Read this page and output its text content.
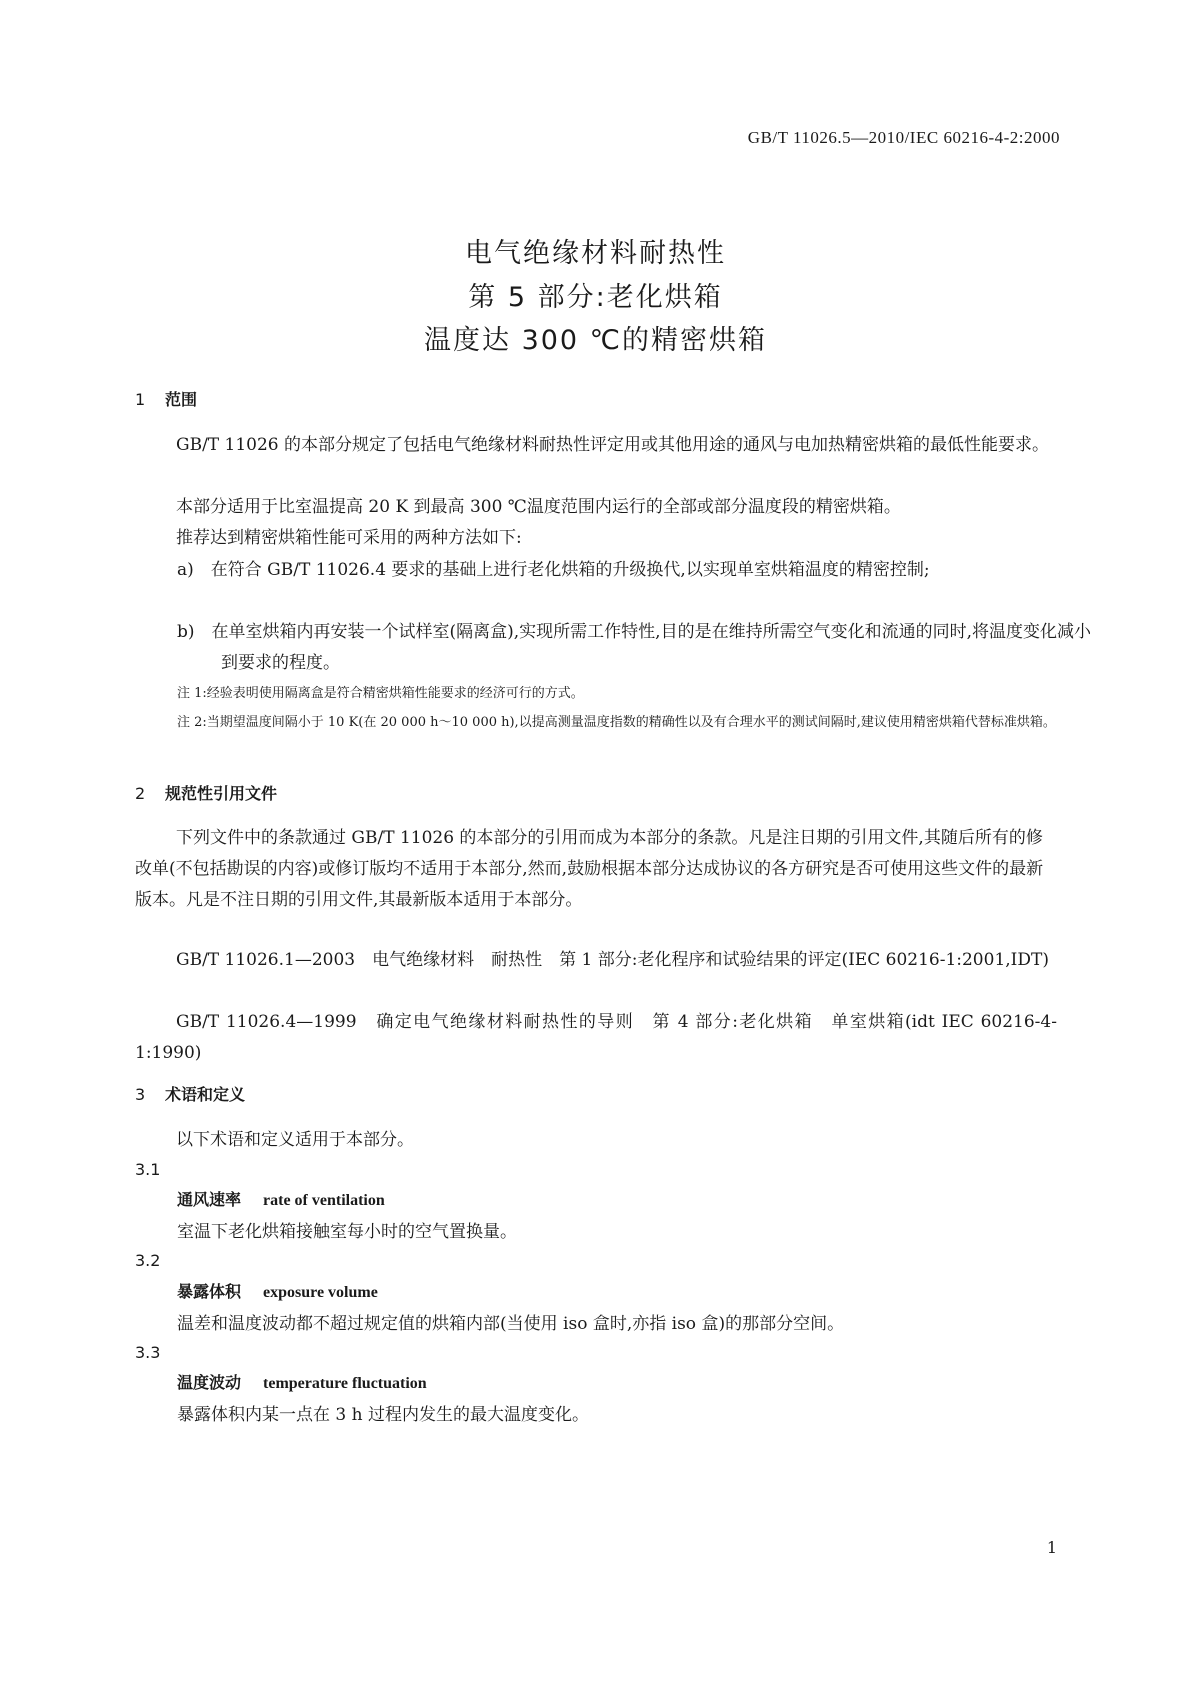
GB/T 11026.5—2010/IEC 60216-4-2:2000
电气绝缘材料耐热性
第 5 部分:老化烘箱
温度达 300 ℃的精密烘箱
1 范围
GB/T 11026 的本部分规定了包括电气绝缘材料耐热性评定用或其他用途的通风与电加热精密烘箱的最低性能要求。
本部分适用于比室温提高 20 K 到最高 300 ℃温度范围内运行的全部或部分温度段的精密烘箱。
推荐达到精密烘箱性能可采用的两种方法如下:
a)　在符合 GB/T 11026.4 要求的基础上进行老化烘箱的升级换代,以实现单室烘箱温度的精密控制;
b)　在单室烘箱内再安装一个试样室(隔离盒),实现所需工作特性,目的是在维持所需空气变化和流通的同时,将温度变化减小到要求的程度。
注 1:经验表明使用隔离盒是符合精密烘箱性能要求的经济可行的方式。
注 2:当期望温度间隔小于 10 K(在 20 000 h～10 000 h),以提高测量温度指数的精确性以及有合理水平的测试间隔时,建议使用精密烘箱代替标准烘箱。
2 规范性引用文件
下列文件中的条款通过 GB/T 11026 的本部分的引用而成为本部分的条款。凡是注日期的引用文件,其随后所有的修改单(不包括勘误的内容)或修订版均不适用于本部分,然而,鼓励根据本部分达成协议的各方研究是否可使用这些文件的最新版本。凡是不注日期的引用文件,其最新版本适用于本部分。
GB/T 11026.1—2003　电气绝缘材料　耐热性　第 1 部分:老化程序和试验结果的评定(IEC 60216-1:2001,IDT)
GB/T 11026.4—1999　确定电气绝缘材料耐热性的导则　第 4 部分:老化烘箱　单室烘箱(idt IEC 60216-4-1:1990)
3 术语和定义
以下术语和定义适用于本部分。
3.1
通风速率 rate of ventilation
室温下老化烘箱接触室每小时的空气置换量。
3.2
暴露体积 exposure volume
温差和温度波动都不超过规定值的烘箱内部(当使用 iso 盒时,亦指 iso 盒)的那部分空间。
3.3
温度波动 temperature fluctuation
暴露体积内某一点在 3 h 过程内发生的最大温度变化。
1
